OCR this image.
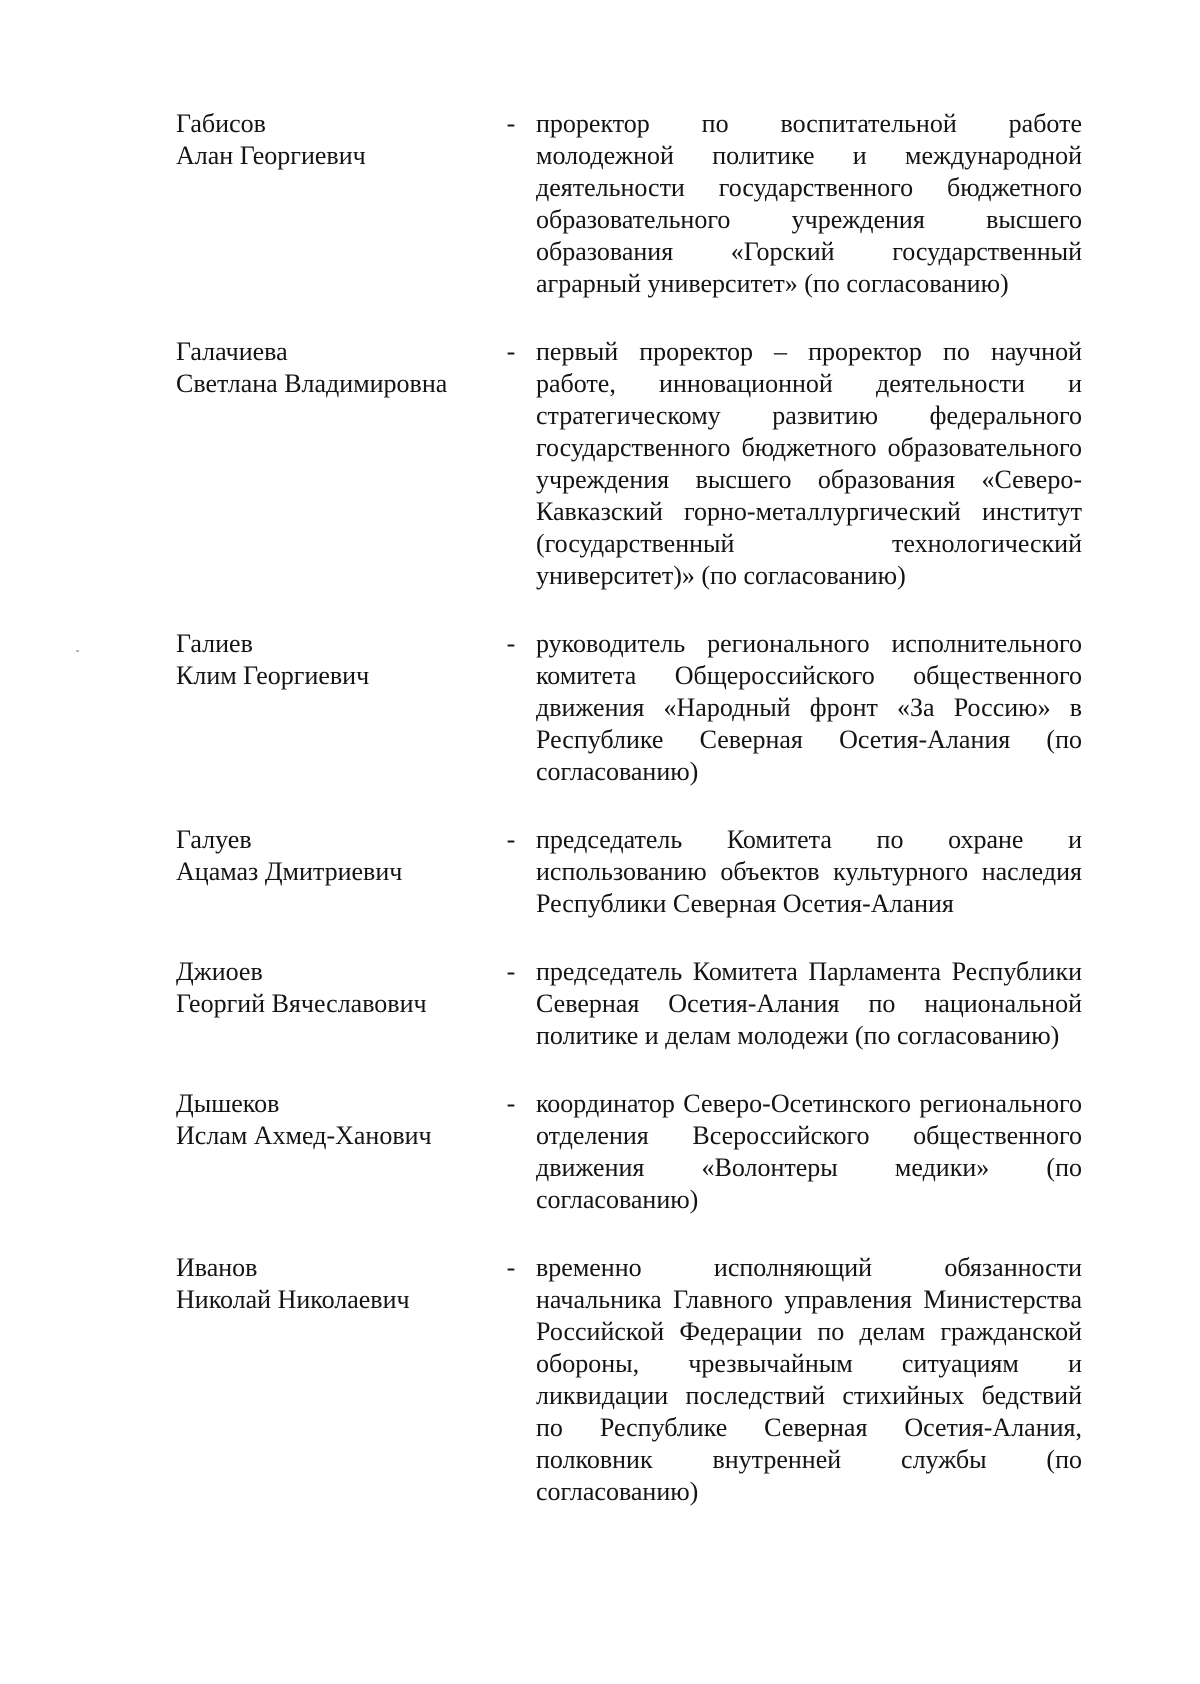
Габисов
Алан Георгиевич
- проректор по воспитательной работе молодежной политике и международной деятельности государственного бюджетного образовательного учреждения высшего образования «Горский государственный аграрный университет» (по согласованию)
Галачиева
Светлана Владимировна
- первый проректор – проректор по научной работе, инновационной деятельности и стратегическому развитию федерального государственного бюджетного образовательного учреждения высшего образования «Северо-Кавказский горно-металлургический институт (государственный технологический университет)» (по согласованию)
Галиев
Клим Георгиевич
- руководитель регионального исполнительного комитета Общероссийского общественного движения «Народный фронт «За Россию» в Республике Северная Осетия-Алания (по согласованию)
Галуев
Ацамаз Дмитриевич
- председатель Комитета по охране и использованию объектов культурного наследия Республики Северная Осетия-Алания
Джиоев
Георгий Вячеславович
- председатель Комитета Парламента Республики Северная Осетия-Алания по национальной политике и делам молодежи (по согласованию)
Дышеков
Ислам Ахмед-Ханович
- координатор Северо-Осетинского регионального отделения Всероссийского общественного движения «Волонтеры медики» (по согласованию)
Иванов
Николай Николаевич
- временно исполняющий обязанности начальника Главного управления Министерства Российской Федерации по делам гражданской обороны, чрезвычайным ситуациям и ликвидации последствий стихийных бедствий по Республике Северная Осетия-Алания, полковник внутренней службы (по согласованию)
